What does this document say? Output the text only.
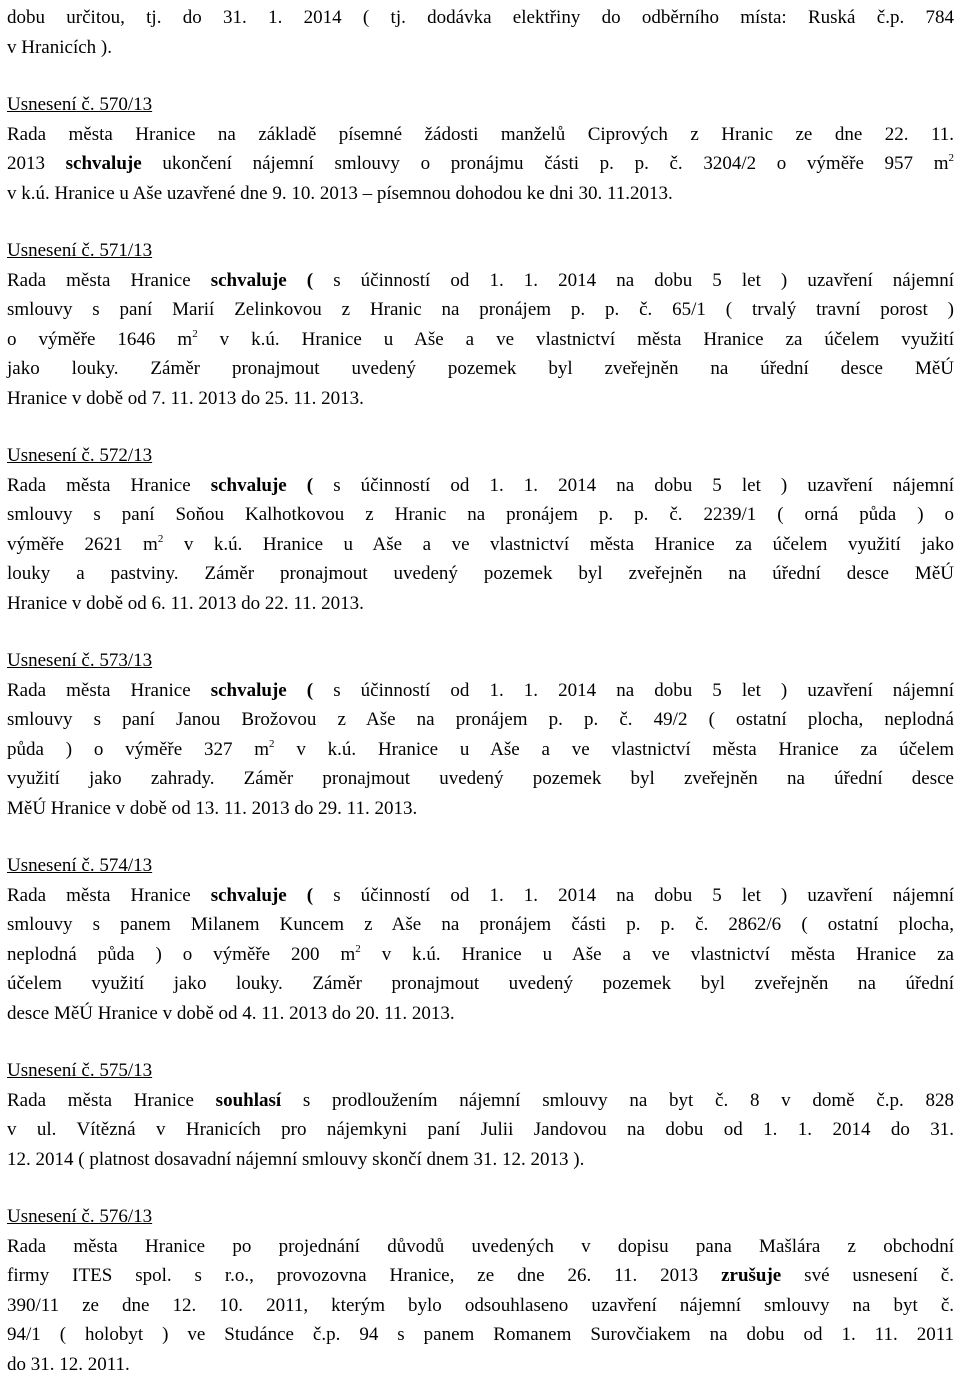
dobu určitou, tj. do 31. 1. 2014 ( tj. dodávka elektřiny do odběrního místa: Ruská č.p. 784
v Hranicích ).
Usnesení č. 570/13
Rada města Hranice na základě písemné žádosti manželů Ciprových z Hranic ze dne 22. 11.
2013 schvaluje ukončení nájemní smlouvy o pronájmu části p. p. č. 3204/2 o výměře 957 $m^2$
v k.ú. Hranice u Aše uzavřené dne 9. 10. 2013 – písemnou dohodou ke dni 30. 11.2013.
Usnesení č. 571/13
Rada města Hranice schvaluje ( s účinností od 1. 1. 2014 na dobu 5 let ) uzavření nájemní
smlouvy s paní Marií Zelinkovou z Hranic na pronájem p. p. č. 65/1 ( trvalý travní porost )
o výměře 1646 $m^2$ v k.ú. Hranice u Aše a ve vlastnictví města Hranice za účelem využití
jako louky. Záměr pronajmout uvedený pozemek byl zveřejněn na úřední desce MěÚ
Hranice v době od 7. 11. 2013 do 25. 11. 2013.
Usnesení č. 572/13
Rada města Hranice schvaluje ( s účinností od 1. 1. 2014 na dobu 5 let ) uzavření nájemní
smlouvy s paní Soňou Kalhotkovou z Hranic na pronájem p. p. č. 2239/1 ( orná půda ) o
výměře 2621 $m^2$ v k.ú. Hranice u Aše a ve vlastnictví města Hranice za účelem využití jako
louky a pastviny. Záměr pronajmout uvedený pozemek byl zveřejněn na úřední desce MěÚ
Hranice v době od 6. 11. 2013 do 22. 11. 2013.
Usnesení č. 573/13
Rada města Hranice schvaluje ( s účinností od 1. 1. 2014 na dobu 5 let ) uzavření nájemní
smlouvy s paní Janou Brožovou z Aše na pronájem p. p. č. 49/2 ( ostatní plocha, neplodná
půda ) o výměře 327 $m^2$ v k.ú. Hranice u Aše a ve vlastnictví města Hranice za účelem
využití jako zahrady. Záměr pronajmout uvedený pozemek byl zveřejněn na úřední desce
MěÚ Hranice v době od 13. 11. 2013 do 29. 11. 2013.
Usnesení č. 574/13
Rada města Hranice schvaluje ( s účinností od 1. 1. 2014 na dobu 5 let ) uzavření nájemní
smlouvy s panem Milanem Kuncem z Aše na pronájem části p. p. č. 2862/6 ( ostatní plocha,
neplodná půda ) o výměře 200 $m^2$ v k.ú. Hranice u Aše a ve vlastnictví města Hranice za
účelem využití jako louky. Záměr pronajmout uvedený pozemek byl zveřejněn na úřední
desce MěÚ Hranice v době od 4. 11. 2013 do 20. 11. 2013.
Usnesení č. 575/13
Rada města Hranice souhlasí s prodloužením nájemní smlouvy na byt č. 8 v domě č.p. 828
v ul. Vítězná v Hranicích pro nájemkyni paní Julii Jandovou na dobu od 1. 1. 2014 do 31.
12. 2014 ( platnost dosavadní nájemní smlouvy skončí dnem 31. 12. 2013 ).
Usnesení č. 576/13
Rada města Hranice po projednání důvodů uvedených v dopisu pana Mašlára z obchodní
firmy ITES spol. s r.o., provozovna Hranice, ze dne 26. 11. 2013 zrušuje své usnesení č.
390/11 ze dne 12. 10. 2011, kterým bylo odsouhlaseno uzavření nájemní smlouvy na byt č.
94/1 ( holobyt ) ve Studánce č.p. 94 s panem Romanem Surovčiakem na dobu od 1. 11. 2011
do 31. 12. 2011.
